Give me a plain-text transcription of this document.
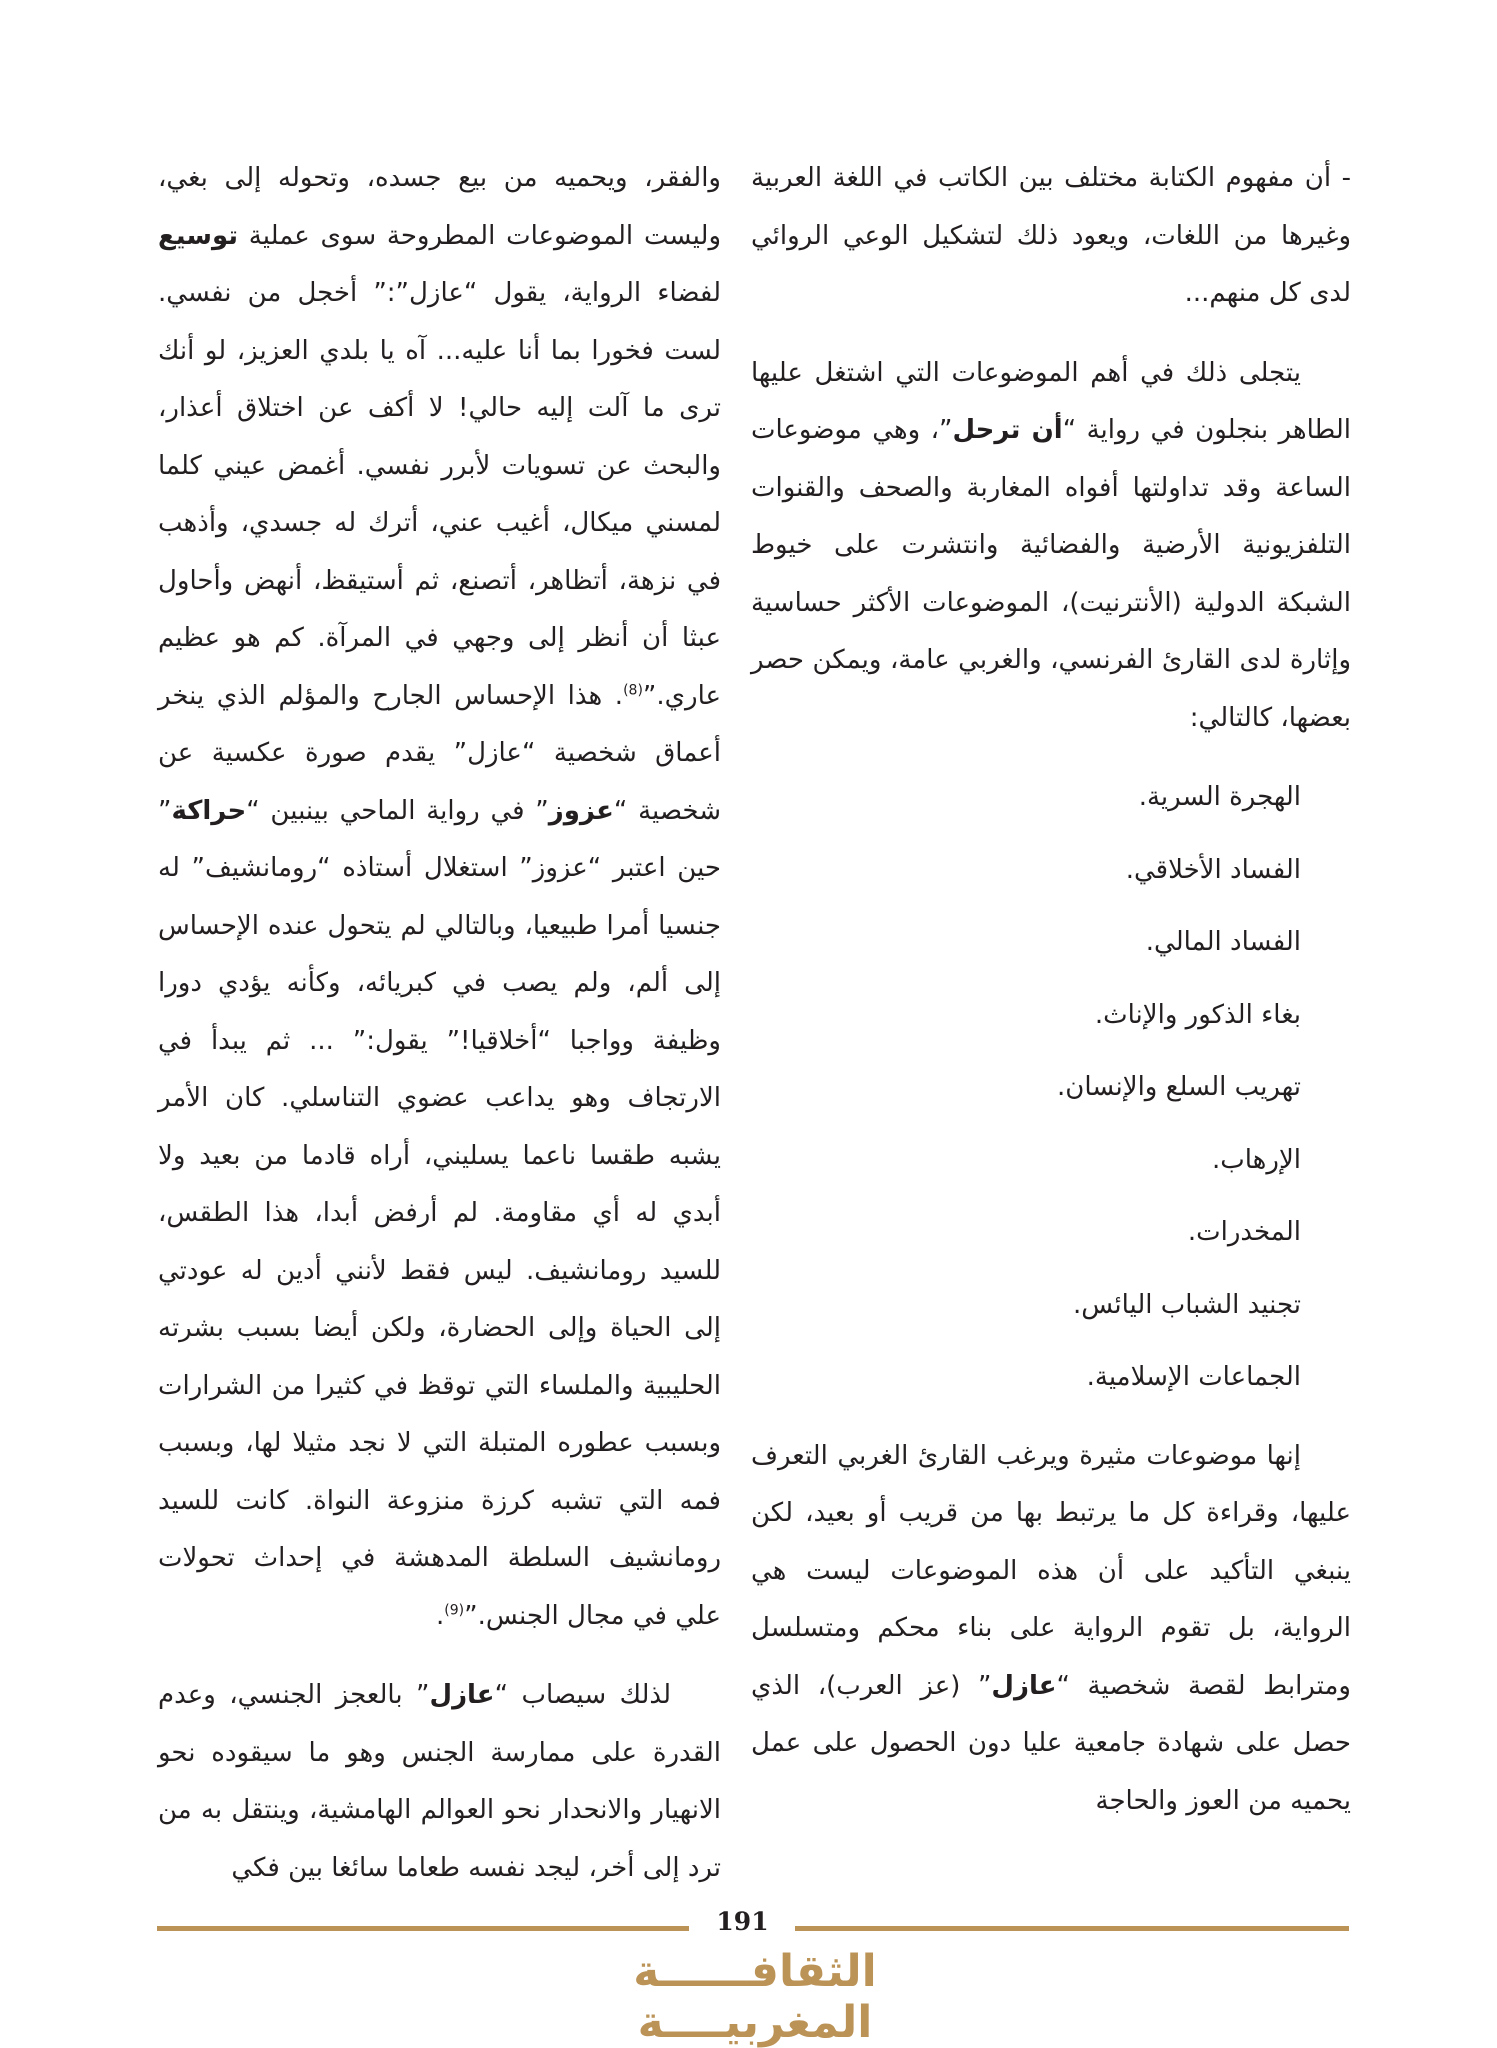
- أن مفهوم الكتابة مختلف بين الكاتب في اللغة العربية وغيرها من اللغات، ويعود ذلك لتشكيل الوعي الروائي لدى كل منهم...

يتجلى ذلك في أهم الموضوعات التي اشتغل عليها الطاهر بنجلون في رواية “أن ترحل”، وهي موضوعات الساعة وقد تداولتها أفواه المغاربة والصحف والقنوات التلفزيونية الأرضية والفضائية وانتشرت على خيوط الشبكة الدولية (الأنترنيت)، الموضوعات الأكثر حساسية وإثارة لدى القارئ الفرنسي، والغربي عامة، ويمكن حصر بعضها، كالتالي:

الهجرة السرية.
الفساد الأخلاقي.
الفساد المالي.
بغاء الذكور والإناث.
تهريب السلع والإنسان.
الإرهاب.
المخدرات.
تجنيد الشباب اليائس.
الجماعات الإسلامية.

إنها موضوعات مثيرة ويرغب القارئ الغربي التعرف عليها، وقراءة كل ما يرتبط بها من قريب أو بعيد، لكن ينبغي التأكيد على أن هذه الموضوعات ليست هي الرواية، بل تقوم الرواية على بناء محكم ومتسلسل ومترابط لقصة شخصية “عازل” (عز العرب)، الذي حصل على شهادة جامعية عليا دون الحصول على عمل يحميه من العوز والحاجة

والفقر، ويحميه من بيع جسده، وتحوله إلى بغي، وليست الموضوعات المطروحة سوى عملية توسيع لفضاء الرواية، يقول “عازل”:” أخجل من نفسي. لست فخورا بما أنا عليه... آه يا بلدي العزيز، لو أنك ترى ما آلت إليه حالي! لا أكف عن اختلاق أعذار، والبحث عن تسويات لأبرر نفسي. أغمض عيني كلما لمسني ميكال، أغيب عني، أترك له جسدي، وأذهب في نزهة، أتظاهر، أتصنع، ثم أستيقظ، أنهض وأحاول عبثا أن أنظر إلى وجهي في المرآة. كم هو عظيم عاري.”$^{(8)}$. هذا الإحساس الجارح والمؤلم الذي ينخر أعماق شخصية “عازل” يقدم صورة عكسية عن شخصية “عزوز” في رواية الماحي بينبين “حراكة” حين اعتبر “عزوز” استغلال أستاذه “رومانشيف” له جنسيا أمرا طبيعيا، وبالتالي لم يتحول عنده الإحساس إلى ألم، ولم يصب في كبريائه، وكأنه يؤدي دورا وظيفة وواجبا “أخلاقيا!” يقول:” ... ثم يبدأ في الارتجاف وهو يداعب عضوي التناسلي. كان الأمر يشبه طقسا ناعما يسليني، أراه قادما من بعيد ولا أبدي له أي مقاومة. لم أرفض أبدا، هذا الطقس، للسيد رومانشيف. ليس فقط لأنني أدين له عودتي إلى الحياة وإلى الحضارة، ولكن أيضا بسبب بشرته الحليبية والملساء التي توقظ في كثيرا من الشرارات وبسبب عطوره المتبلة التي لا نجد مثيلا لها، وبسبب فمه التي تشبه كرزة منزوعة النواة. كانت للسيد رومانشيف السلطة المدهشة في إحداث تحولات علي في مجال الجنس.”$^{(9)}$.

لذلك سيصاب “عازل” بالعجز الجنسي، وعدم القدرة على ممارسة الجنس وهو ما سيقوده نحو الانهيار والانحدار نحو العوالم الهامشية، وينتقل به من ترد إلى أخر، ليجد نفسه طعاما سائغا بين فكي

191
الثقافــــــة المغربيــــة
